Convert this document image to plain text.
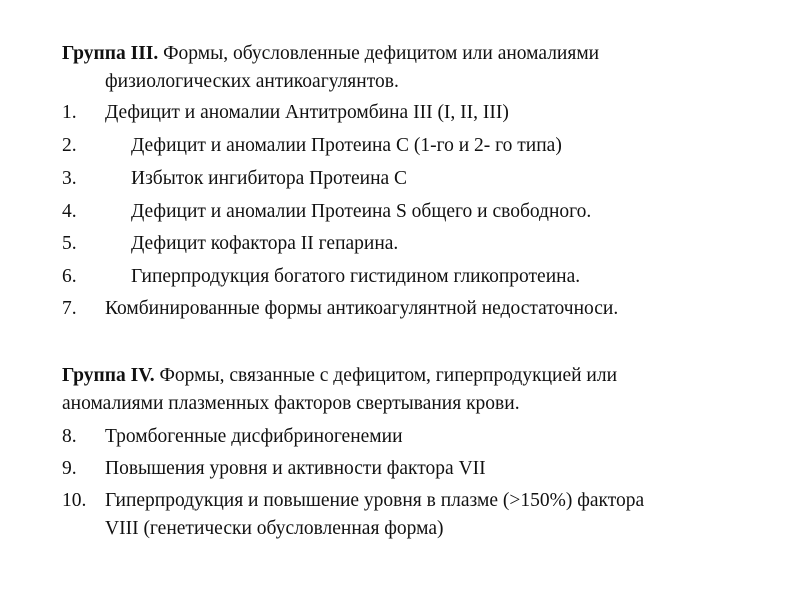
Группа III. Формы, обусловленные дефицитом или аномалиями
физиологических антикоагулянтов.
1. Дефицит и аномалии Антитромбина III (I, II, III)
2.	Дефицит и аномалии Протеина С (1-го и 2- го типа)
3.	Избыток ингибитора Протеина С
4.	Дефицит и аномалии Протеина S общего и свободного.
5.	Дефицит кофактора II гепарина.
6.	Гиперпродукция богатого гистидином гликопротеина.
7. Комбинированные формы антикоагулянтной недостаточноси.
Группа IV. Формы, связанные с дефицитом, гиперпродукцией или
аномалиями плазменных факторов свертывания крови.
8. Тромбогенные дисфибриногенемии
9. Повышения уровня и активности фактора VII
10. Гиперпродукция и повышение уровня в плазме (>150%) фактора
VIII (генетически обусловленная форма)
